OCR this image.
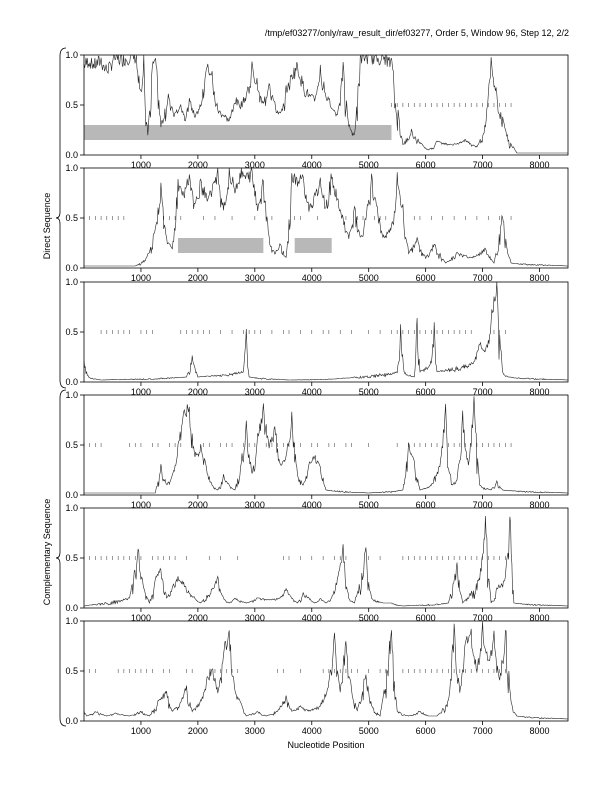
/tmp/ef03277/only/raw_result_dir/ef03277, Order 5, Window 96, Step 12, 2/2
0.0
0.5
1.0
1000	2000	3000	4000	5000	6000	7000	8000
0.0
0.5
1.0
1000	2000	3000	4000	5000	6000	7000	8000
0.0
0.5
1.0
1000	2000	3000	4000	5000	6000	7000	8000
0.0
0.5
1.0
1000	2000	3000	4000	5000	6000	7000	8000
0.0
0.5
1.0
1000	2000	3000	4000	5000	6000	7000	8000
0.0
0.5
1.0
1000	2000	3000	4000	5000	6000	7000	8000
Direct Sequence
Complementary Sequence
Nucleotide Position
